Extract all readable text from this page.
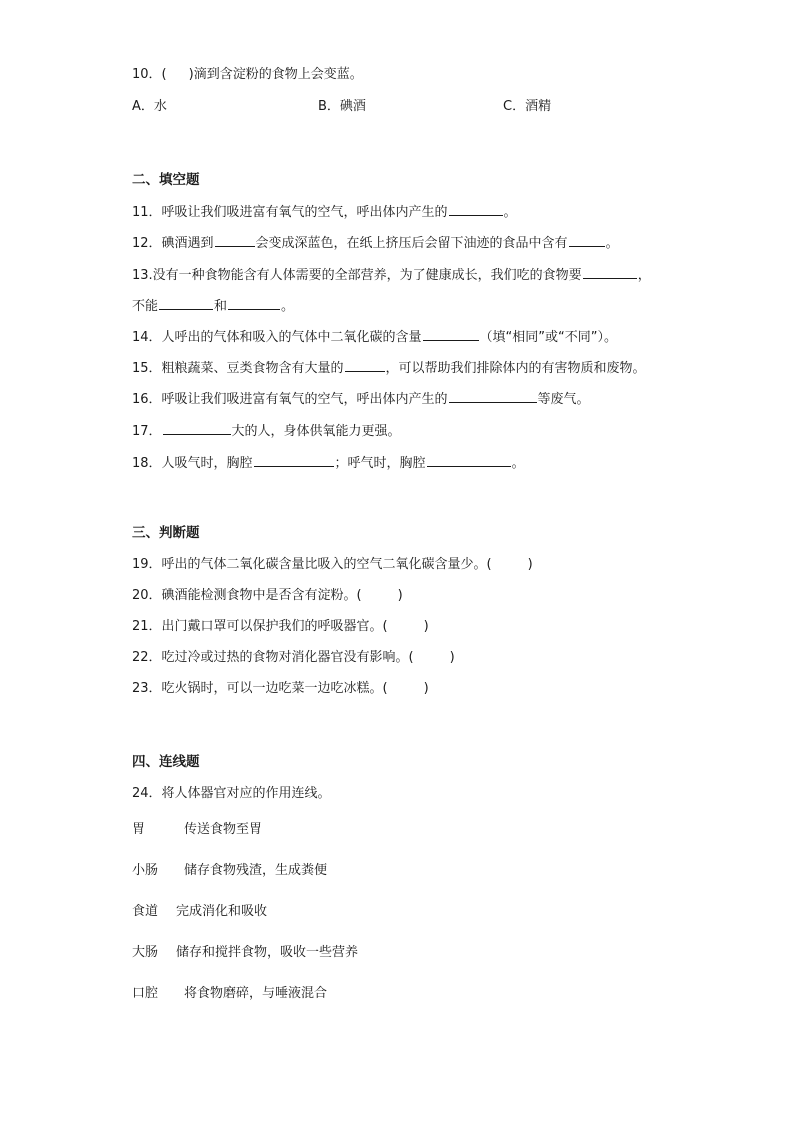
10．( )滴到含淀粉的食物上会变蓝。
A．水	B．碘酒	C．酒精
二、填空题
11．呼吸让我们吸进富有氧气的空气，呼出体内产生的	。
12．碘酒遇到	会变成深蓝色，在纸上挤压后会留下油迹的食品中含有	。
13.没有一种食物能含有人体需要的全部营养，为了健康成长，我们吃的食物要	，
不能	和	。
14．人呼出的气体和吸入的气体中二氧化碳的含量	（填“相同”或“不同”）。
15．粗粮蔬菜、豆类食物含有大量的	，可以帮助我们排除体内的有害物质和废物。
16．呼吸让我们吸进富有氧气的空气，呼出体内产生的	等废气。
17．	大的人，身体供氧能力更强。
18．人吸气时，胸腔	；呼气时，胸腔	。
三、判断题
19．呼出的气体二氧化碳含量比吸入的空气二氧化碳含量少。(	)
20．碘酒能检测食物中是否含有淀粉。(	)
21．出门戴口罩可以保护我们的呼吸器官。(	)
22．吃过冷或过热的食物对消化器官没有影响。(	)
23．吃火锅时，可以一边吃菜一边吃冰糕。(	)
四、连线题
24．将人体器官对应的作用连线。
胃	传送食物至胃
小肠 储存食物残渣，生成粪便
食道 完成消化和吸收
大肠 储存和搅拌食物，吸收一些营养
口腔 将食物磨碎，与唾液混合
